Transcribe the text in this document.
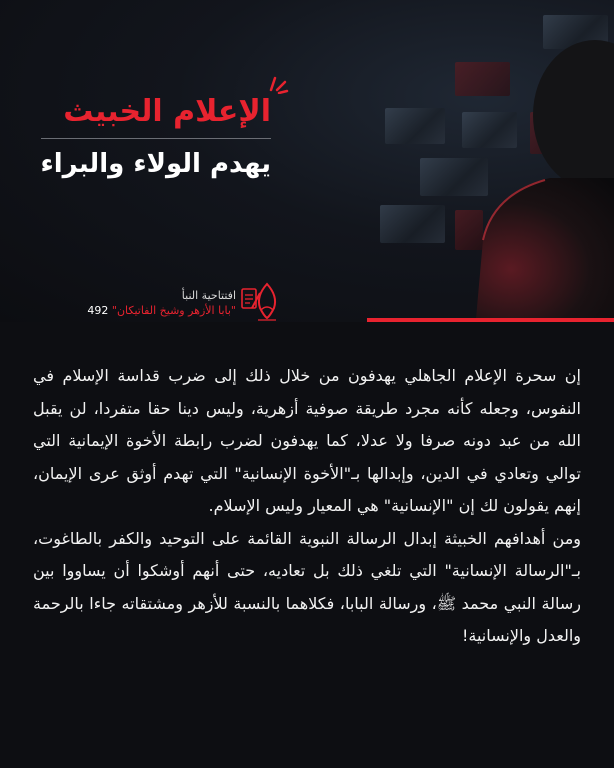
الإعلام الخبيث
يهدم الولاء والبراء
افتتاحية النبأ
"بابا الأزهر وشيخ الفاتيكان" 492

إن سحرة الإعلام الجاهلي يهدفون من خلال ذلك إلى ضرب قداسة الإسلام في النفوس، وجعله كأنه مجرد طريقة صوفية أزهرية، وليس دينا حقا متفردا، لن يقبل الله من عبد دونه صرفا ولا عدلا، كما يهدفون لضرب رابطة الأخوة الإيمانية التي توالي وتعادي في الدين، وإبدالها بـ"الأخوة الإنسانية" التي تهدم أوثق عرى الإيمان، إنهم يقولون لك إن "الإنسانية" هي المعيار وليس الإسلام.

ومن أهدافهم الخبيثة إبدال الرسالة النبوية القائمة على التوحيد والكفر بالطاغوت، بـ"الرسالة الإنسانية" التي تلغي ذلك بل تعاديه، حتى أنهم أوشكوا أن يساووا بين رسالة النبي محمد ﷺ، ورسالة البابا، فكلاهما بالنسبة للأزهر ومشتقاته جاءا بالرحمة والعدل والإنسانية!
